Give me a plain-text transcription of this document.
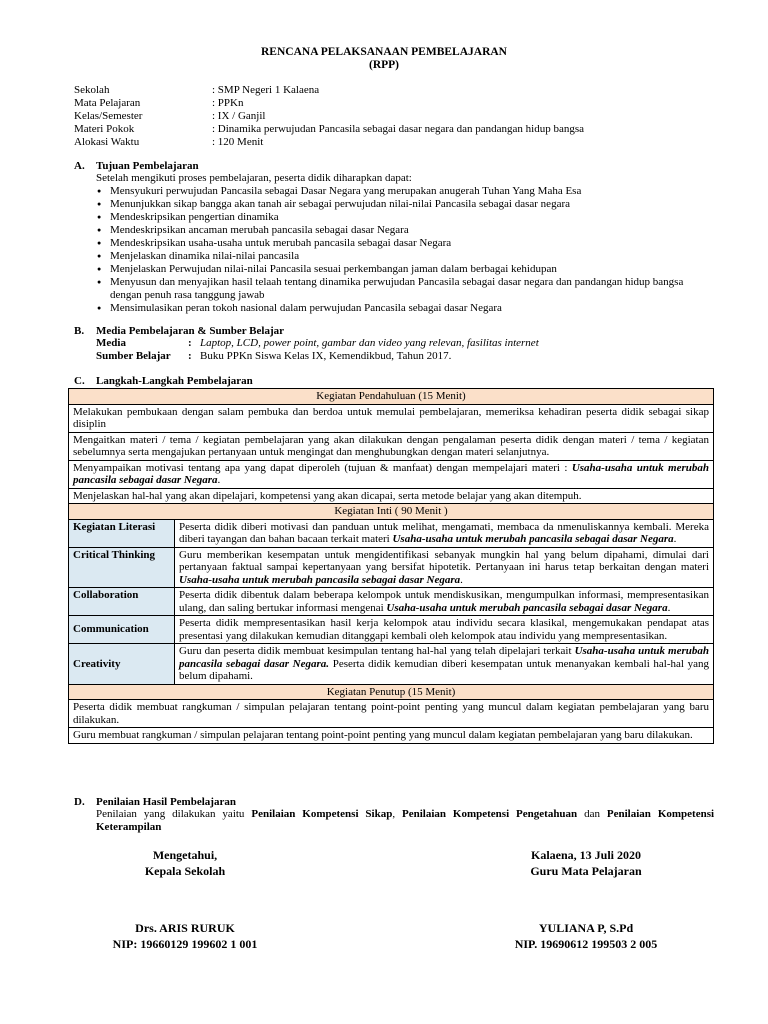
RENCANA PELAKSANAAN PEMBELAJARAN
(RPP)
Sekolah	: SMP Negeri 1 Kalaena
Mata Pelajaran	: PPKn
Kelas/Semester	: IX / Ganjil
Materi Pokok	: Dinamika perwujudan Pancasila sebagai dasar negara dan pandangan hidup bangsa
Alokasi Waktu	: 120 Menit
A. Tujuan Pembelajaran
Setelah mengikuti proses pembelajaran, peserta didik diharapkan dapat:
● Mensyukuri perwujudan Pancasila sebagai Dasar Negara yang merupakan anugerah Tuhan Yang Maha Esa
● Menunjukkan sikap bangga akan tanah air sebagai perwujudan nilai-nilai Pancasila sebagai dasar negara
● Mendeskripsikan pengertian dinamika
● Mendeskripsikan ancaman merubah pancasila sebagai dasar Negara
● Mendeskripsikan usaha-usaha untuk merubah pancasila sebagai dasar Negara
● Menjelaskan dinamika nilai-nilai pancasila
● Menjelaskan Perwujudan nilai-nilai Pancasila sesuai perkembangan jaman dalam berbagai kehidupan
● Menyusun dan menyajikan hasil telaah tentang dinamika perwujudan Pancasila sebagai dasar negara dan pandangan hidup bangsa dengan penuh rasa tanggung jawab
● Mensimulasikan peran tokoh nasional dalam perwujudan Pancasila sebagai dasar Negara
B. Media Pembelajaran & Sumber Belajar
Media	: Laptop, LCD, power point, gambar dan video yang relevan, fasilitas internet
Sumber Belajar	: Buku PPKn Siswa Kelas IX, Kemendikbud, Tahun 2017.
C. Langkah-Langkah Pembelajaran
Kegiatan Pendahuluan (15 Menit)	
Melakukan pembukaan dengan salam pembuka dan berdoa untuk memulai pembelajaran, memeriksa kehadiran peserta didik sebagai sikap disiplin	
Mengaitkan materi / tema / kegiatan pembelajaran yang akan dilakukan dengan pengalaman peserta didik dengan materi / tema / kegiatan sebelumnya serta mengajukan pertanyaan untuk mengingat dan menghubungkan dengan materi selanjutnya.	
Menyampaikan motivasi tentang apa yang dapat diperoleh (tujuan & manfaat) dengan mempelajari materi : Usaha-usaha untuk merubah pancasila sebagai dasar Negara.	
Menjelaskan hal-hal yang akan dipelajari, kompetensi yang akan dicapai, serta metode belajar yang akan ditempuh.	
Kegiatan Inti ( 90 Menit )	
Kegiatan Literasi	Peserta didik diberi motivasi dan panduan untuk melihat, mengamati, membaca da nmenuliskannya kembali. Mereka diberi tayangan dan bahan bacaan terkait materi Usaha-usaha untuk merubah pancasila sebagai dasar Negara.
Critical Thinking	Guru memberikan kesempatan untuk mengidentifikasi sebanyak mungkin hal yang belum dipahami, dimulai dari pertanyaan faktual sampai kepertanyaan yang bersifat hipotetik. Pertanyaan ini harus tetap berkaitan dengan materi Usaha-usaha untuk merubah pancasila sebagai dasar Negara.
Collaboration	Peserta didik dibentuk dalam beberapa kelompok untuk mendiskusikan, mengumpulkan informasi, mempresentasikan ulang, dan saling bertukar informasi mengenai Usaha-usaha untuk merubah pancasila sebagai dasar Negara.
Communication	Peserta didik mempresentasikan hasil kerja kelompok atau individu secara klasikal, mengemukakan pendapat atas presentasi yang dilakukan kemudian ditanggapi kembali oleh kelompok atau individu yang mempresentasikan.
Creativity	Guru dan peserta didik membuat kesimpulan tentang hal-hal yang telah dipelajari terkait Usaha-usaha untuk merubah pancasila sebagai dasar Negara. Peserta didik kemudian diberi kesempatan untuk menanyakan kembali hal-hal yang belum dipahami.
Kegiatan Penutup (15 Menit)	
Peserta didik membuat rangkuman / simpulan pelajaran tentang point-point penting yang muncul dalam kegiatan pembelajaran yang baru dilakukan.	
Guru membuat rangkuman / simpulan pelajaran tentang point-point penting yang muncul dalam kegiatan pembelajaran yang baru dilakukan.	
D. Penilaian Hasil Pembelajaran
Penilaian yang dilakukan yaitu Penilaian Kompetensi Sikap, Penilaian Kompetensi Pengetahuan dan Penilaian Kompetensi Keterampilan
Mengetahui,
Kepala Sekolah
Drs. ARIS RURUK
NIP: 19660129 199602 1 001
Kalaena, 13 Juli 2020
Guru Mata Pelajaran
YULIANA P, S.Pd
NIP. 19690612 199503 2 005
